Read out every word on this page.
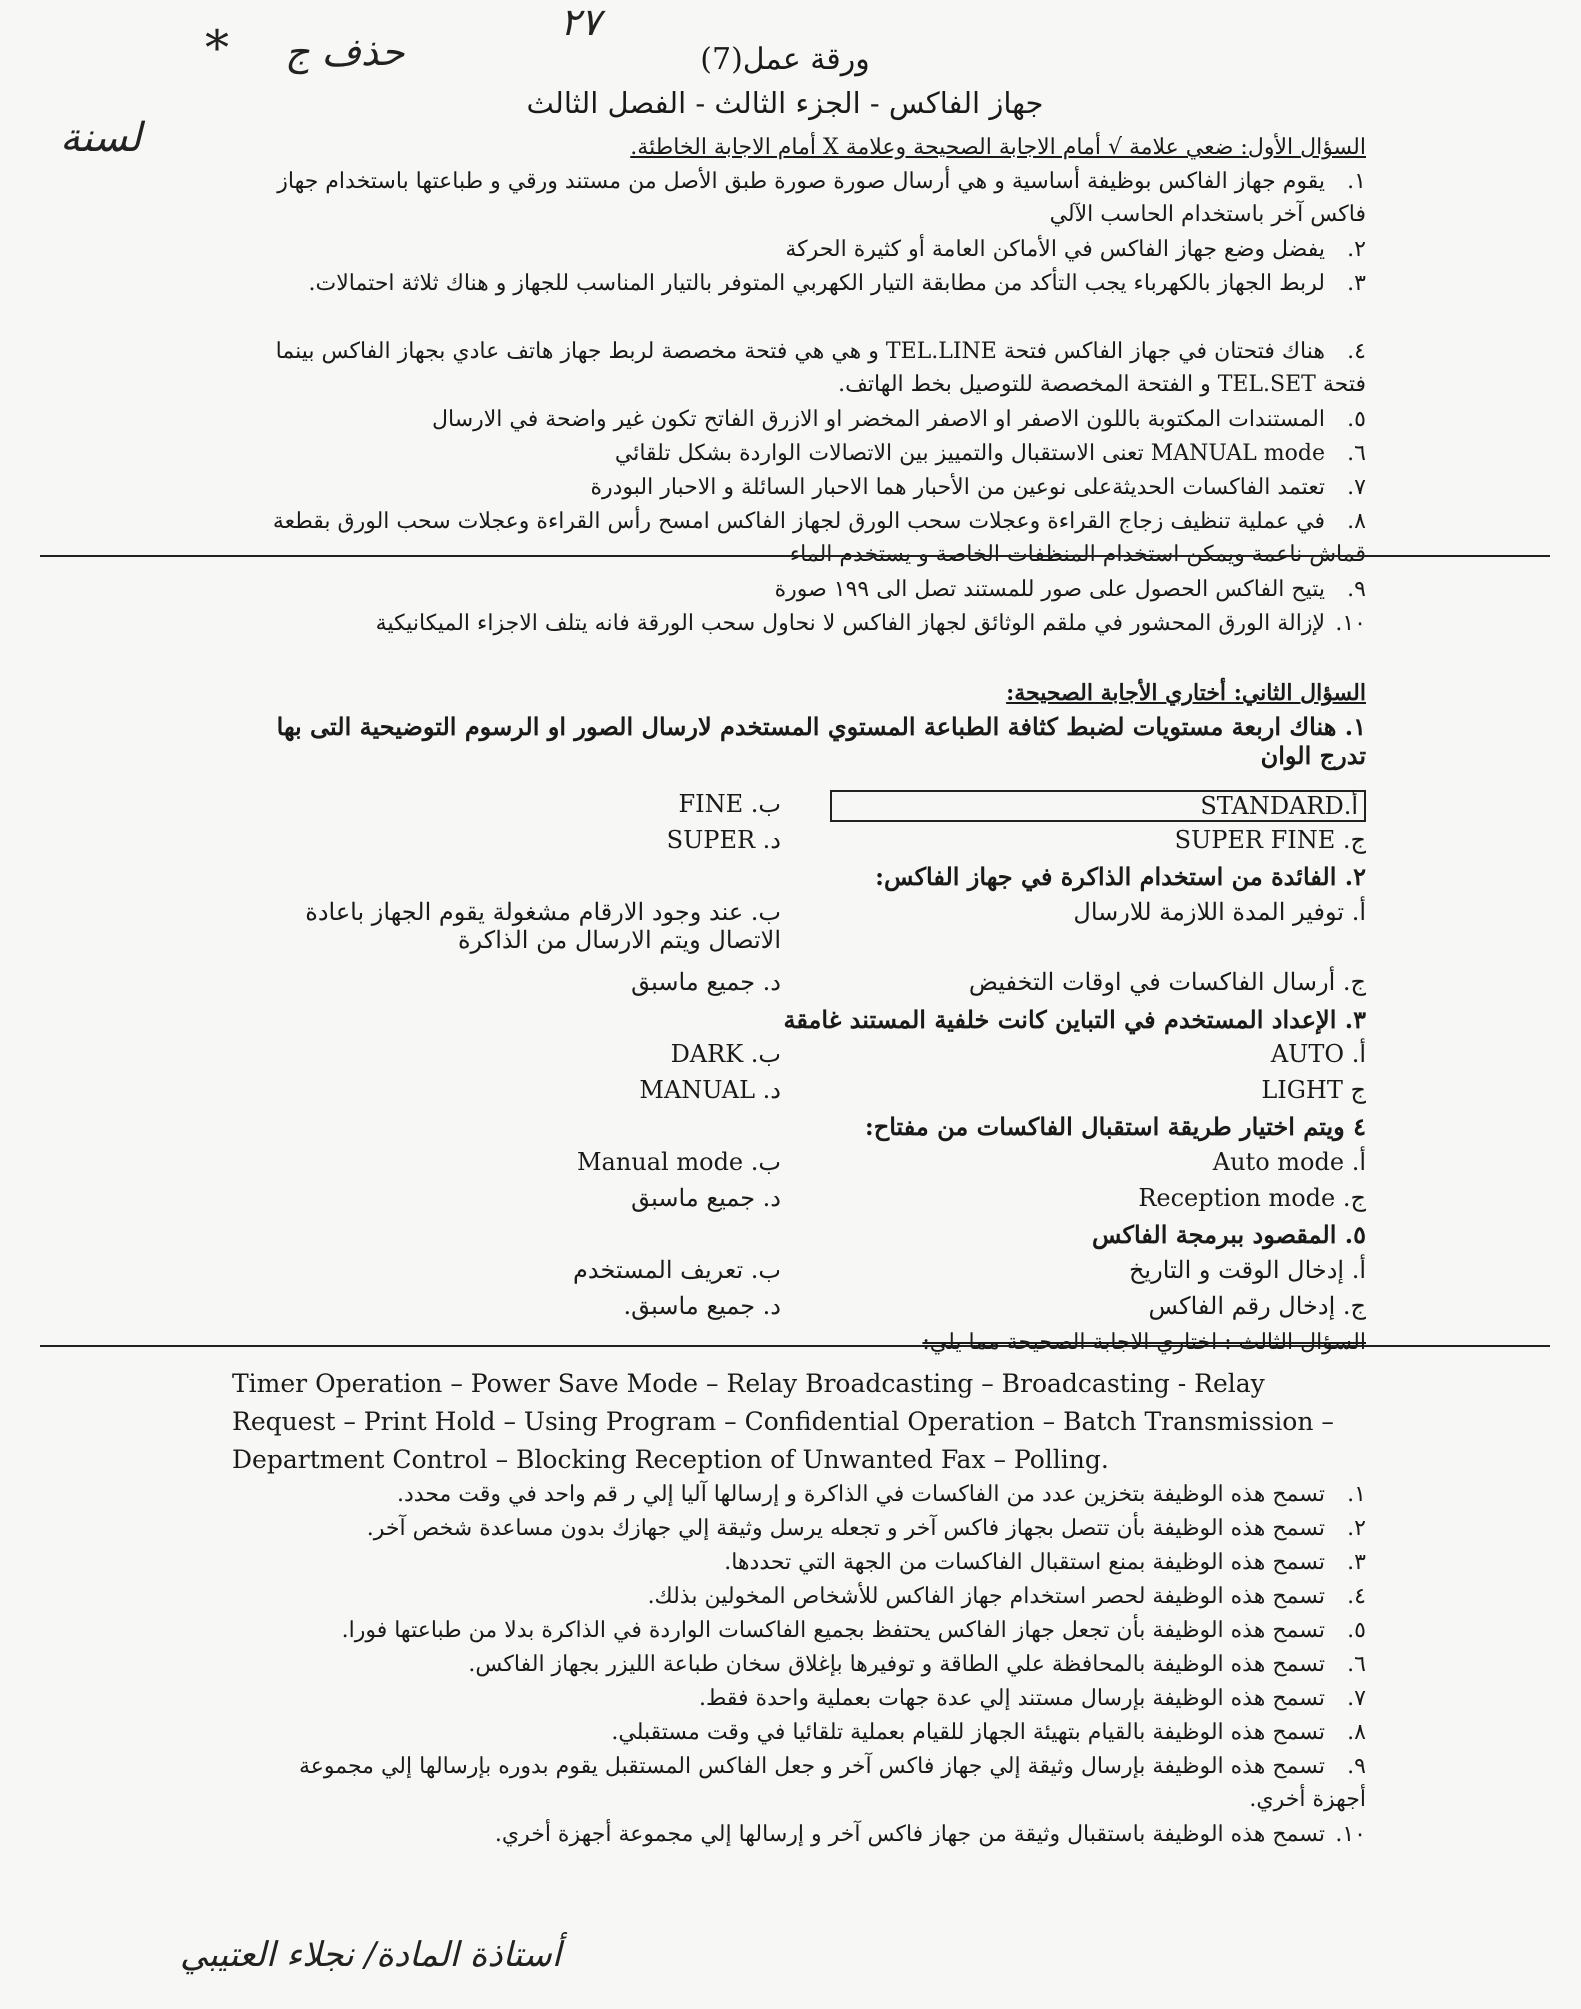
* حذف ج
لسنة
٢٧
ورقة عمل(7)
جهاز الفاكس - الجزء الثالث - الفصل الثالث
السؤال الأول: ضعي علامة √ أمام الاجابة الصحيحة وعلامة X أمام الاجابة الخاطئة.
١. يقوم جهاز الفاكس بوظيفة أساسية و هي أرسال صورة صورة طبق الأصل من مستند ورقي و طباعتها باستخدام جهاز فاكس آخر باستخدام الحاسب الآلي
٢. يفضل وضع جهاز الفاكس في الأماكن العامة أو كثيرة الحركة
٣. لربط الجهاز بالكهرباء يجب التأكد من مطابقة التيار الكهربي المتوفر بالتيار المناسب للجهاز و هناك ثلاثة احتمالات.
٤. هناك فتحتان في جهاز الفاكس فتحة TEL.LINE و هي هي فتحة مخصصة لربط جهاز هاتف عادي بجهاز الفاكس بينما فتحة TEL.SET و الفتحة المخصصة للتوصيل بخط الهاتف.
٥. المستندات المكتوبة باللون الاصفر او الاصفر المخضر او الازرق الفاتح تكون غير واضحة في الارسال
٦. MANUAL mode تعنى الاستقبال والتمييز بين الاتصالات الواردة بشكل تلقائي
٧. تعتمد الفاكسات الحديثةعلى نوعين من الأحبار هما الاحبار السائلة و الاحبار البودرة
٨. في عملية تنظيف زجاج القراءة وعجلات سحب الورق لجهاز الفاكس امسح رأس القراءة وعجلات سحب الورق بقطعة قماش ناعمة ويمكن استخدام المنظفات الخاصة و يستخدم الماء
٩. يتيح الفاكس الحصول على صور للمستند تصل الى ١٩٩ صورة
١٠. لإزالة الورق المحشور في ملقم الوثائق لجهاز الفاكس لا نحاول سحب الورقة فانه يتلف الاجزاء الميكانيكية
السؤال الثاني: أختاري الأجابة الصحيحة:
١. هناك اربعة مستويات لضبط كثافة الطباعة المستوي المستخدم لارسال الصور او الرسوم التوضيحية التى بها تدرج الوان
أ.STANDARD
ب. FINE
ج. SUPER FINE
د. SUPER
٢. الفائدة من استخدام الذاكرة في جهاز الفاكس:
أ. توفير المدة اللازمة للارسال
ب. عند وجود الارقام مشغولة يقوم الجهاز باعادة الاتصال ويتم الارسال من الذاكرة
ج. أرسال الفاكسات في اوقات التخفيض
د. جميع ماسبق
٣. الإعداد المستخدم في التباين كانت خلفية المستند غامقة
أ. AUTO
ب. DARK
ج LIGHT
د. MANUAL
٤ ويتم اختيار طريقة استقبال الفاكسات من مفتاح:
أ. Auto mode
ب. Manual mode
ج. Reception mode
د. جميع ماسبق
٥. المقصود ببرمجة الفاكس
أ. إدخال الوقت و التاريخ
ب. تعريف المستخدم
ج. إدخال رقم الفاكس
د. جميع ماسبق.
السؤال الثالث : اختاري الاجابة الصحيحة مما يلي:
Timer Operation – Power Save Mode – Relay Broadcasting – Broadcasting - Relay Request – Print Hold – Using Program – Confidential Operation – Batch Transmission – Department Control – Blocking Reception of Unwanted Fax – Polling.
١. تسمح هذه الوظيفة بتخزين عدد من الفاكسات في الذاكرة و إرسالها آليا إلي ر قم واحد في وقت محدد.
٢. تسمح هذه الوظيفة بأن تتصل بجهاز فاكس آخر و تجعله يرسل وثيقة إلي جهازك بدون مساعدة شخص آخر.
٣. تسمح هذه الوظيفة بمنع استقبال الفاكسات من الجهة التي تحددها.
٤. تسمح هذه الوظيفة لحصر استخدام جهاز الفاكس للأشخاص المخولين بذلك.
٥. تسمح هذه الوظيفة بأن تجعل جهاز الفاكس يحتفظ بجميع الفاكسات الواردة في الذاكرة بدلا من طباعتها فورا.
٦. تسمح هذه الوظيفة بالمحافظة علي الطاقة و توفيرها بإغلاق سخان طباعة الليزر بجهاز الفاكس.
٧. تسمح هذه الوظيفة بإرسال مستند إلي عدة جهات بعملية واحدة فقط.
٨. تسمح هذه الوظيفة بالقيام بتهيئة الجهاز للقيام بعملية تلقائيا في وقت مستقبلي.
٩. تسمح هذه الوظيفة بإرسال وثيقة إلي جهاز فاكس آخر و جعل الفاكس المستقبل يقوم بدوره بإرسالها إلي مجموعة أجهزة أخري.
١٠. تسمح هذه الوظيفة باستقبال وثيقة من جهاز فاكس آخر و إرسالها إلي مجموعة أجهزة أخري.
أستاذة المادة/ نجلاء العتيبي
